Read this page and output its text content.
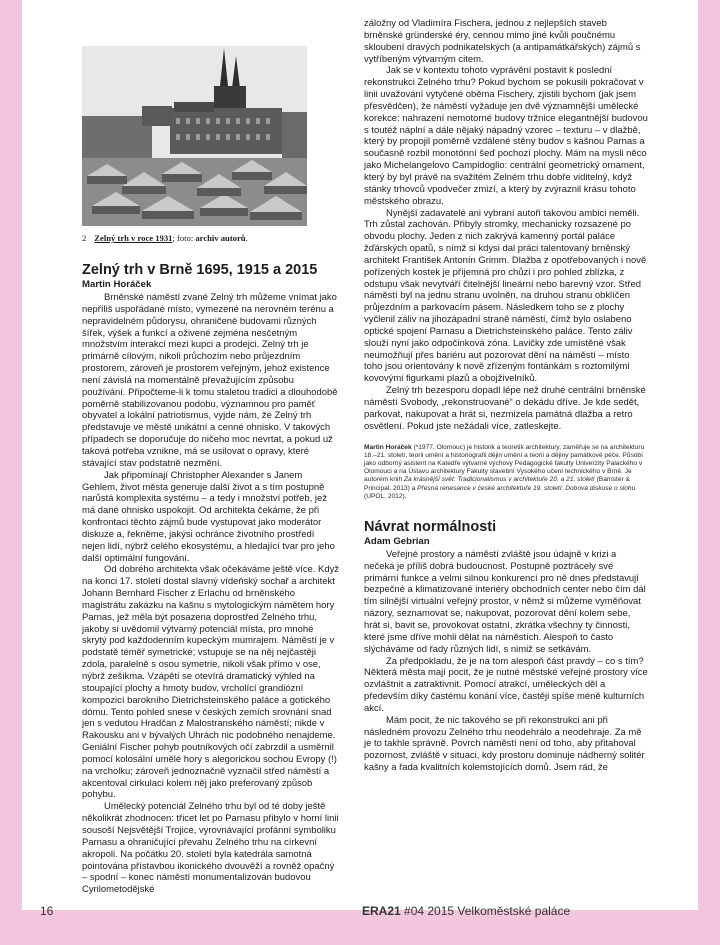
2 Zelný trh v roce 1931; foto: archiv autorů.
Zelný trh v Brně 1695, 1915 a 2015
Martin Horáček

Brněnské náměstí zvané Zelný trh můžeme vnímat jako nepříliš uspořádané místo, vymezené na nerovném terénu a nepravidelném půdorysu, ohraničené budovami různých šířek, výšek a funkcí a oživené zejména nesčetným množstvím interakcí mezi kupci a prodejci. Zelný trh je primárně cílovým, nikoli průchozím nebo průjezdním prostorem, zároveň je prostorem veřejným, jehož existence není závislá na momentálně převažujícím způsobu používání. Připočteme-li k tomu staletou tradici a dlouhodobě poměrně stabilizovanou podobu, významnou pro paměť obyvatel a lokální patriotismus, vyjde nám, že Zelný trh představuje ve městě unikátní a cenné ohnisko. V takových případech se doporučuje do ničeho moc nevrtat, a pokud už taková potřeba vznikne, má se usilovat o opravy, které stávající stav podstatně nezmění.

Jak připomínají Christopher Alexander s Janem Gehlem, život města generuje další život a s tím postupně narůstá komplexita systému – a tedy i množství potřeb, jež má dané ohnisko uspokojit. Od architekta čekáme, že při konfrontaci těchto zájmů bude vystupovat jako moderátor diskuze a, řekněme, jakýsi ochránce životního prostředí nejen lidí, nýbrž celého ekosystému, a hledající tvar pro jeho další optimální fungování.

Od dobrého architekta však očekáváme ještě více. Když na konci 17. století dostal slavný vídeňský sochař a architekt Johann Bernhard Fischer z Erlachu od brněnského magistrátu zakázku na kašnu s mytologickým námětem hory Parnas, jež měla být posazena doprostřed Zelného trhu, jakoby si uvědomil výtvarný potenciál místa, pro mnohé skrytý pod každodenním kupeckým mumrajem. Náměstí je v podstatě téměř symetrické; vstupuje se na něj nejčastěji zdola, paralelně s osou symetrie, nikoli však přímo v ose, nýbrž zešikma. Vzápětí se otevírá dramatický výhled na stoupající plochy a hmoty budov, vrcholící grandiózní kompozicí barokního Dietrichsteinského paláce a gotického dómu. Tento pohled snese v českých zemích srovnání snad jen s vedutou Hradčan z Malostranského náměstí; nikde v Rakousku ani v bývalých Uhrách nic podobného nenajdeme. Geniální Fischer pohyb poutníkových očí zabrzdil a usměrnil pomocí kolosální umělé hory s alegorickou sochou Evropy (!) na vrcholku; zároveň jednoznačně vyznačil střed náměstí a akcentoval cirkulaci kolem něj jako preferovaný způsob pohybu.

Umělecký potenciál Zelného trhu byl od té doby ještě několikrát zhodnocen: třicet let po Parnasu přibylo v horní linii sousoší Nejsvětější Trojice, vyrovnávající profánní symboliku Parnasu a ohraničující převahu Zelného trhu na církevní akropoli. Na počátku 20. století byla katedrála samotná pointována přístavbou ikonického dvouvěží a rovněž opačný – spodní – konec náměstí monumentalizován budovou Cyrilometodějské

záložny od Vladimíra Fischera, jednou z nejlepších staveb brněnské gründerské éry, cennou mimo jiné kvůli poučnému skloubení dravých podnikatelských (a antipamátkářských) zájmů s vytříbeným výtvarným citem.

Jak se v kontextu tohoto vyprávění postavit k poslední rekonstrukci Zelného trhu? Pokud bychom se pokusili pokračovat v linii uvažování vytyčené oběma Fischery, zjistili bychom (jak jsem přesvědčen), že náměstí vyžaduje jen dvě významnější umělecké korekce: nahrazení nemotorné budovy tržnice elegantnější budovou s toutéž náplní a dále nějaký nápadný vzorec – texturu – v dlažbě, který by propojil poměrně vzdálené stěny budov s kašnou Parnas a současně rozbil monotónní šeď pochozí plochy. Mám na mysli něco jako Michelangelovo Campidoglio: centrální geometrický ornament, který by byl právě na svažitém Zelném trhu dobře viditelný, když stánky trhovců vpodvečer zmizí, a který by zvýraznil krásu tohoto městského obrazu.

Nynější zadavatelé ani vybraní autoři takovou ambici neměli. Trh zůstal zachován. Přibyly stromky, mechanicky rozsazené po obvodu plochy. Jeden z nich zakrývá kamenný portál paláce žďárských opatů, s nímž si kdysi dal práci talentovaný brněnský architekt František Antonín Grimm. Dlažba z opotřebovaných i nově pořízených kostek je příjemná pro chůzi i pro pohled zblízka, z odstupu však nevytváří čitelnější lineární nebo barevný vzor. Střed náměstí byl na jednu stranu uvolněn, na druhou stranu obklíčen průjezdním a parkovacím pásem. Následkem toho se z plochy vyčlenil záliv na jihozápadní straně náměstí, čímž bylo oslabeno optické spojení Parnasu a Dietrichsteinského paláce. Tento záliv slouží nyní jako odpočinková zóna. Lavičky zde umístěné však neumožňují přes bariéru aut pozorovat dění na náměstí – místo toho jsou orientovány k nově zřízeným fontánkám s roztomilými kovovými figurkami plazů a obojživelníků.

Zelný trh bezesporu dopadl lépe než druhé centrální brněnské náměstí Svobody, „rekonstruované“ o dekádu dříve. Je kde sedět, parkovat, nakupovat a hrát si, nezmizela památná dlažba a retro osvětlení. Pokud jste nežádali více, zatleskejte.

Martin Horáček (*1977, Olomouc) je historik a teoretik architektury, zaměřuje se na architekturu 18.–21. století, teorii umění a historiografii dějin umění a teorii a dějiny památkové péče. Působí jako odborný asistent na Katedře výtvarné výchovy Pedagogické fakulty Univerzity Palackého v Olomouci a na Ústavu architektury Fakulty stavební Vysokého učení technického v Brně. Je autorem knih Za krásnější svět: Tradicionalismus v architektuře 20. a 21. století (Barrister & Principal, 2013) a Přesná renesance v české architektuře 19. století: Dobová diskuse o slohu (UPOL, 2012).
Návrat normálnosti
Adam Gebrian

Veřejné prostory a náměstí zvláště jsou údajně v krizi a nečeká je příliš dobrá budoucnost. Postupně poztrácely své primární funkce a velmi silnou konkurencí pro ně dnes představují bezpečné a klimatizované interiéry obchodních center nebo čím dál tím silnější virtuální veřejný prostor, v němž si můžeme vyměňovat názory, seznamovat se, nakupovat, pozorovat dění kolem sebe, hrát si, bavit se, provokovat ostatní, zkrátka všechny ty činnosti, které jsme dříve mohli dělat na náměstích. Alespoň to často slýcháváme od řady různých lidí, s nimiž se setkávám.

Za předpokladu, že je na tom alespoň část pravdy – co s tím? Některá města mají pocit, že je nutné městské veřejné prostory více ozvláštnit a zatraktivnit. Pomocí atrakcí, uměleckých děl a především díky častému konání více, častěji spíše méně kulturních akcí.

Mám pocit, že nic takového se při rekonstrukci ani při následném provozu Zelného trhu neodehrálo a neodehraje. Za mě je to takhle správně. Povrch náměstí není od toho, aby přitahoval pozornost, zvláště v situaci, kdy prostoru dominuje nádherný solitér kašny a řada kvalitních kolemstojících domů. Jsem rád, že

16	ERA21 #04 2015 Velkoměstské paláce
